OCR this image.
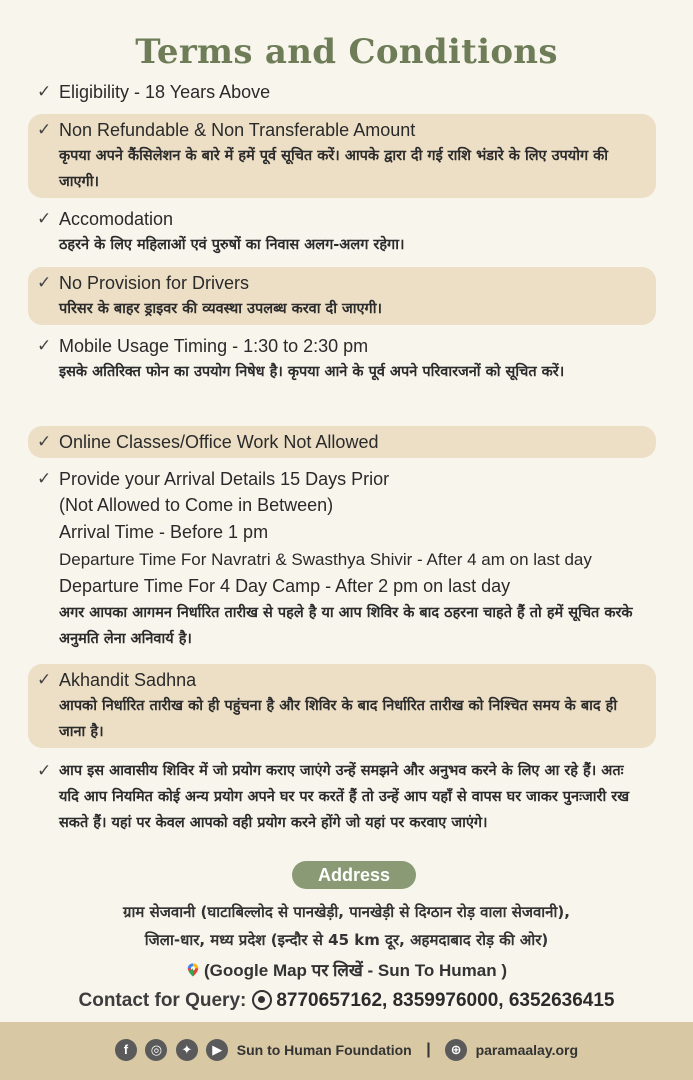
Terms and Conditions
✓ Eligibility - 18 Years Above
✓ Non Refundable & Non Transferable Amount
कृपया अपने कैंसिलेशन के बारे में हमें पूर्व सूचित करें। आपके द्वारा दी गई राशि भंडारे के लिए उपयोग की जाएगी।
✓ Accomodation
ठहरने के लिए महिलाओं एवं पुरुषों का निवास अलग-अलग रहेगा।
✓ No Provision for Drivers
परिसर के बाहर ड्राइवर की व्यवस्था उपलब्ध करवा दी जाएगी।
✓ Mobile Usage Timing - 1:30 to 2:30 pm
इसके अतिरिक्त फोन का उपयोग निषेध है। कृपया आने के पूर्व अपने परिवारजनों को सूचित करें।
✓ Online Classes/Office Work Not Allowed
✓ Provide your Arrival Details 15 Days Prior
(Not Allowed to Come in Between)
Arrival Time - Before 1 pm
Departure Time For Navratri & Swasthya Shivir - After 4 am on last day
Departure Time For 4 Day Camp - After 2 pm on last day
अगर आपका आगमन निर्धारित तारीख से पहले है या आप शिविर के बाद ठहरना चाहते हैं तो हमें सूचित करके अनुमति लेना अनिवार्य है।
✓ Akhandit Sadhna
आपको निर्धारित तारीख को ही पहुंचना है और शिविर के बाद निर्धारित तारीख को निश्चित समय के बाद ही जाना है।
✓ आप इस आवासीय शिविर में जो प्रयोग कराए जाएंगे उन्हें समझने और अनुभव करने के लिए आ रहे हैं। अतः यदि आप नियमित कोई अन्य प्रयोग अपने घर पर करतें हैं तो उन्हें आप यहाँ से वापस घर जाकर पुनःजारी रख सकते हैं। यहां पर केवल आपको वही प्रयोग करने होंगे जो यहां पर करवाए जाएंगे।
Address
ग्राम सेजवानी (घाटाबिल्लोद से पानखेड़ी, पानखेड़ी से दिग्ठान रोड़ वाला सेजवानी),
जिला-धार, मध्य प्रदेश (इन्दौर से 45 km दूर, अहमदाबाद रोड़ की ओर)
(Google Map पर लिखें - Sun To Human )
Contact for Query: 8770657162, 8359976000, 6352636415
f ◎ ✦ ▶ Sun to Human Foundation | ⊕ paramaalay.org
